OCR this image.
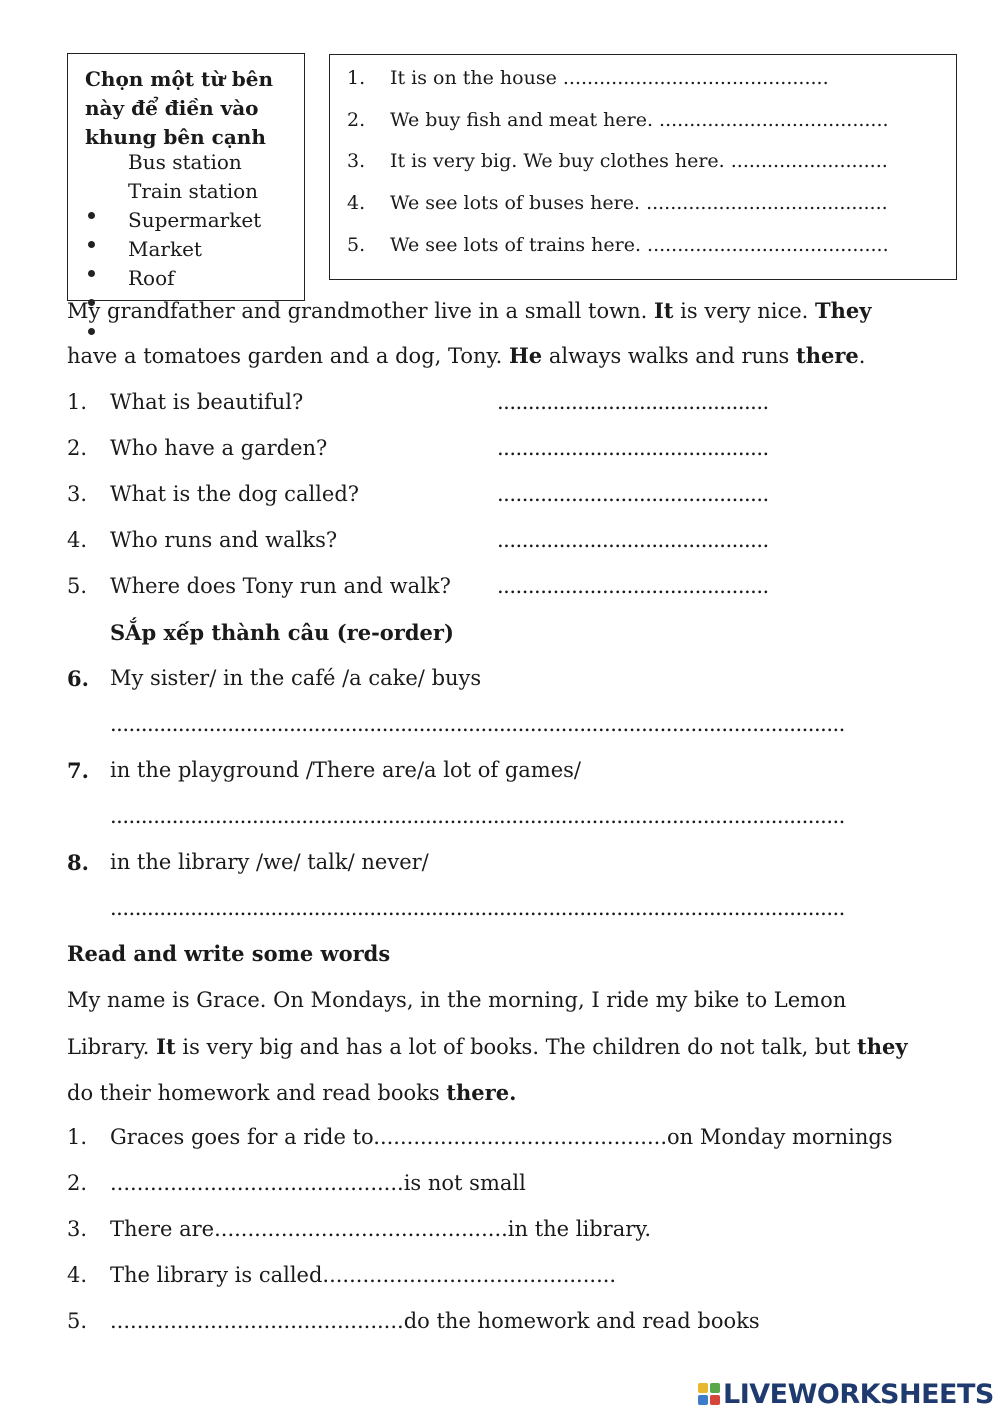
Chọn một từ bên này để điền vào khung bên cạnh
Bus station
Train station
Supermarket
Market
Roof
1. It is on the house ............................................
2. We buy fish and meat here. ......................................
3. It is very big. We buy clothes here. ..........................
4. We see lots of buses here. ........................................
5. We see lots of trains here. ........................................
My grandfather and grandmother live in a small town. It is very nice. They
have a tomatoes garden and a dog, Tony. He always walks and runs there.
1. What is beautiful?	............................................
2. Who have a garden?	............................................
3. What is the dog called?	............................................
4. Who runs and walks?	............................................
5. Where does Tony run and walk? ............................................
SẮp xếp thành câu (re-order)
6. My sister/ in the café /a cake/ buys
.......................................................................................................................
7. in the playground /There are/a lot of games/
.......................................................................................................................
8. in the library /we/ talk/ never/
.......................................................................................................................
Read and write some words
My name is Grace. On Mondays, in the morning, I ride my bike to Lemon
Library. It is very big and has a lot of books. The children do not talk, but they
do their homework and read books there.
1. Graces goes for a ride to............................................on Monday mornings
2. ............................................is not small
3. There are............................................in the library.
4. The library is called............................................
5. ............................................do the homework and read books
LIVEWORKSHEETS
